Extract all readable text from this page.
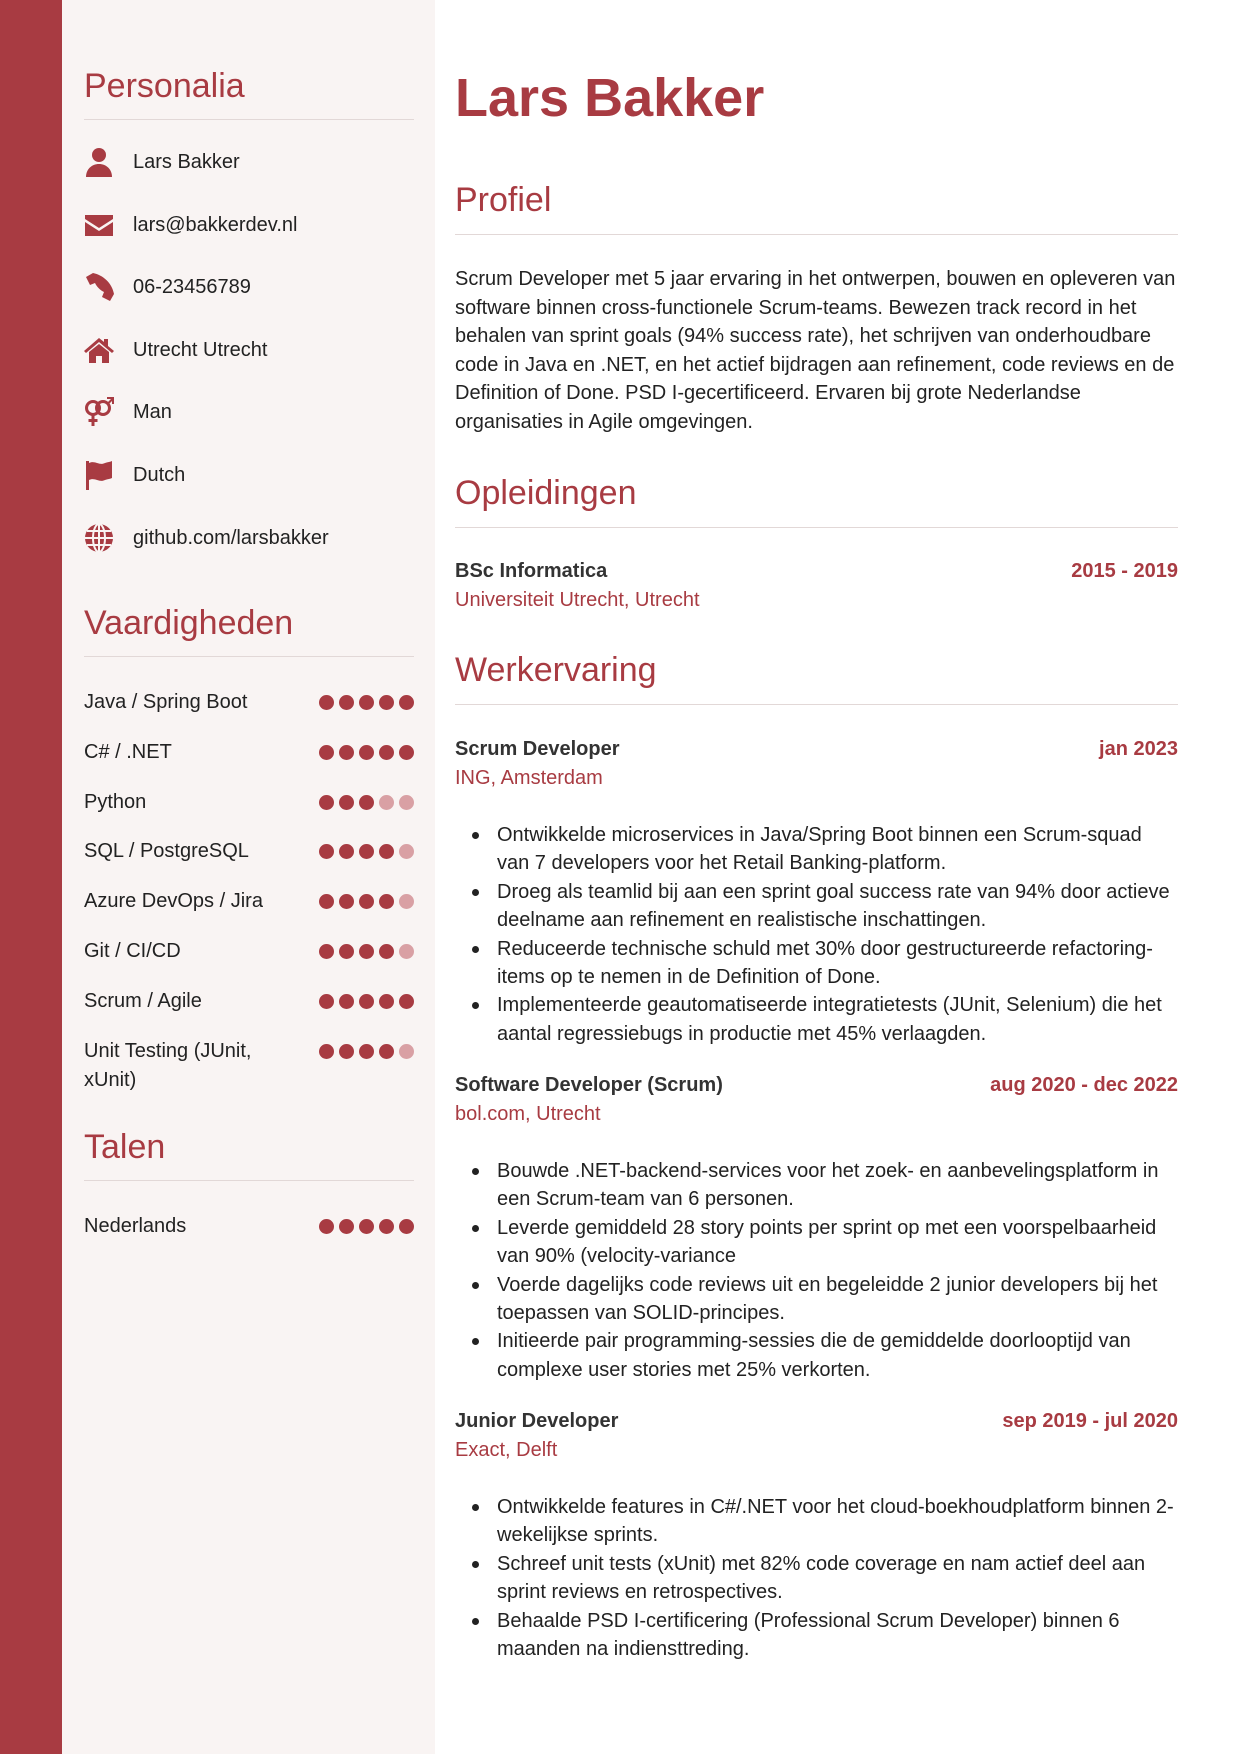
Personalia
Lars Bakker
lars@bakkerdev.nl
06-23456789
Utrecht Utrecht
Man
Dutch
github.com/larsbakker
Vaardigheden
Java / Spring Boot
C# / .NET
Python
SQL / PostgreSQL
Azure DevOps / Jira
Git / CI/CD
Scrum / Agile
Unit Testing (JUnit, xUnit)
Talen
Nederlands
Lars Bakker
Profiel
Scrum Developer met 5 jaar ervaring in het ontwerpen, bouwen en opleveren van software binnen cross-functionele Scrum-teams. Bewezen track record in het behalen van sprint goals (94% success rate), het schrijven van onderhoudbare code in Java en .NET, en het actief bijdragen aan refinement, code reviews en de Definition of Done. PSD I-gecertificeerd. Ervaren bij grote Nederlandse organisaties in Agile omgevingen.
Opleidingen
BSc Informatica	2015 - 2019
Universiteit Utrecht, Utrecht
Werkervaring
Scrum Developer	jan 2023
ING, Amsterdam
Ontwikkelde microservices in Java/Spring Boot binnen een Scrum-squad van 7 developers voor het Retail Banking-platform.
Droeg als teamlid bij aan een sprint goal success rate van 94% door actieve deelname aan refinement en realistische inschattingen.
Reduceerde technische schuld met 30% door gestructureerde refactoring-items op te nemen in de Definition of Done.
Implementeerde geautomatiseerde integratietests (JUnit, Selenium) die het aantal regressiebugs in productie met 45% verlaagden.
Software Developer (Scrum)	aug 2020 - dec 2022
bol.com, Utrecht
Bouwde .NET-backend-services voor het zoek- en aanbevelingsplatform in een Scrum-team van 6 personen.
Leverde gemiddeld 28 story points per sprint op met een voorspelbaarheid van 90% (velocity-variance
Voerde dagelijks code reviews uit en begeleidde 2 junior developers bij het toepassen van SOLID-principes.
Initieerde pair programming-sessies die de gemiddelde doorlooptijd van complexe user stories met 25% verkorten.
Junior Developer	sep 2019 - jul 2020
Exact, Delft
Ontwikkelde features in C#/.NET voor het cloud-boekhoudplatform binnen 2-wekelijkse sprints.
Schreef unit tests (xUnit) met 82% code coverage en nam actief deel aan sprint reviews en retrospectives.
Behaalde PSD I-certificering (Professional Scrum Developer) binnen 6 maanden na indiensttreding.
